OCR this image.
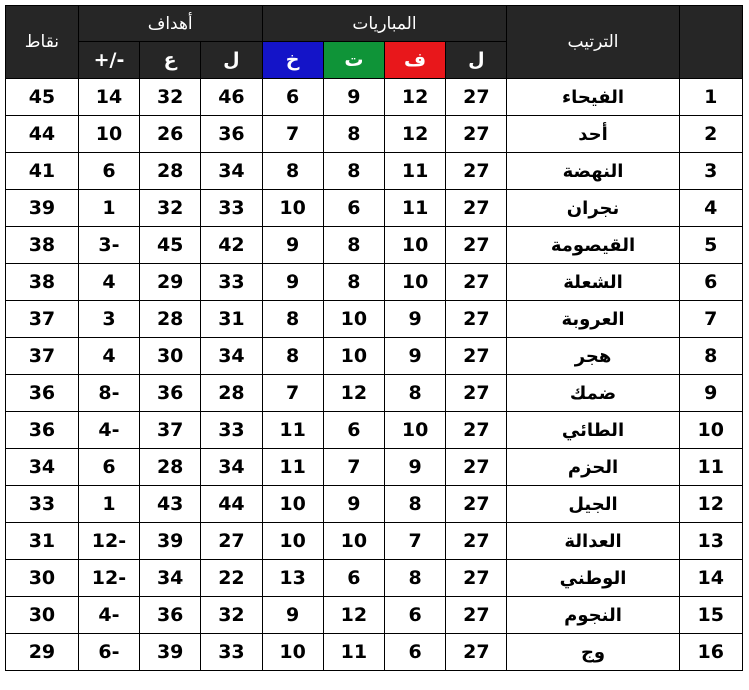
نقاط	أهداف			المباريات				الترتيب	
	+/-	ع	ل	خ	ت	ف	ل		
45	14	32	46	6	9	12	27	الفيحاء	1
44	10	26	36	7	8	12	27	أحد	2
41	6	28	34	8	8	11	27	النهضة	3
39	1	32	33	10	6	11	27	نجران	4
38	3-	45	42	9	8	10	27	القيصومة	5
38	4	29	33	9	8	10	27	الشعلة	6
37	3	28	31	8	10	9	27	العروبة	7
37	4	30	34	8	10	9	27	هجر	8
36	8-	36	28	7	12	8	27	ضمك	9
36	4-	37	33	11	6	10	27	الطائي	10
34	6	28	34	11	7	9	27	الحزم	11
33	1	43	44	10	9	8	27	الجيل	12
31	12-	39	27	10	10	7	27	العدالة	13
30	12-	34	22	13	6	8	27	الوطني	14
30	4-	36	32	9	12	6	27	النجوم	15
29	6-	39	33	10	11	6	27	وج	16
